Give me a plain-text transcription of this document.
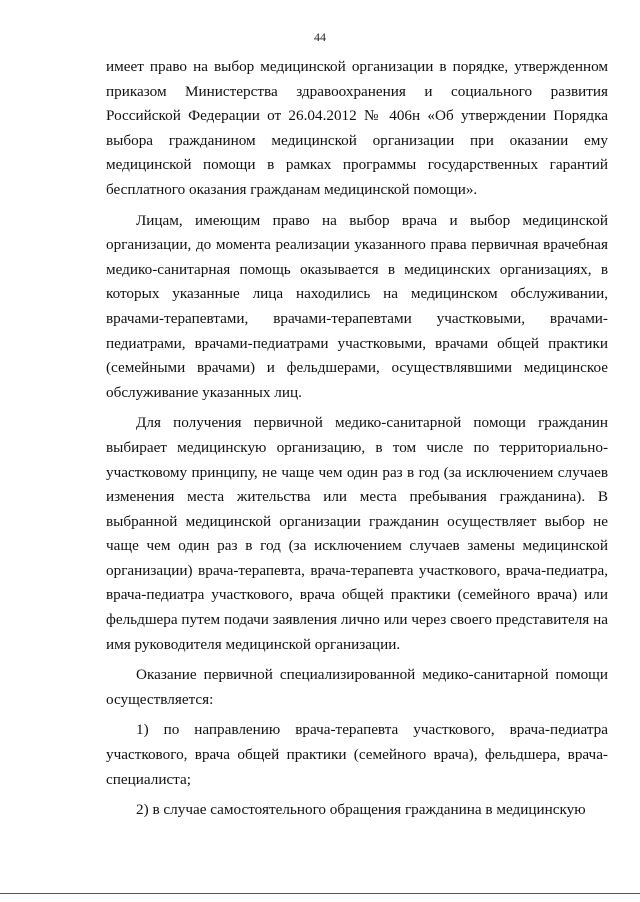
44

имеет право на выбор медицинской организации в порядке, утвержденном приказом Министерства здравоохранения и социального развития Российской Федерации от 26.04.2012 № 406н «Об утверждении Порядка выбора гражданином медицинской организации при оказании ему медицинской помощи в рамках программы государственных гарантий бесплатного оказания гражданам медицинской помощи».

Лицам, имеющим право на выбор врача и выбор медицинской организации, до момента реализации указанного права первичная врачебная медико-санитарная помощь оказывается в медицинских организациях, в которых указанные лица находились на медицинском обслуживании, врачами-терапевтами, врачами-терапевтами участковыми, врачами-педиатрами, врачами-педиатрами участковыми, врачами общей практики (семейными врачами) и фельдшерами, осуществлявшими медицинское обслуживание указанных лиц.

Для получения первичной медико-санитарной помощи гражданин выбирает медицинскую организацию, в том числе по территориально-участковому принципу, не чаще чем один раз в год (за исключением случаев изменения места жительства или места пребывания гражданина). В выбранной медицинской организации гражданин осуществляет выбор не чаще чем один раз в год (за исключением случаев замены медицинской организации) врача-терапевта, врача-терапевта участкового, врача-педиатра, врача-педиатра участкового, врача общей практики (семейного врача) или фельдшера путем подачи заявления лично или через своего представителя на имя руководителя медицинской организации.

Оказание первичной специализированной медико-санитарной помощи осуществляется:

1) по направлению врача-терапевта участкового, врача-педиатра участкового, врача общей практики (семейного врача), фельдшера, врача-специалиста;

2) в случае самостоятельного обращения гражданина в медицинскую
